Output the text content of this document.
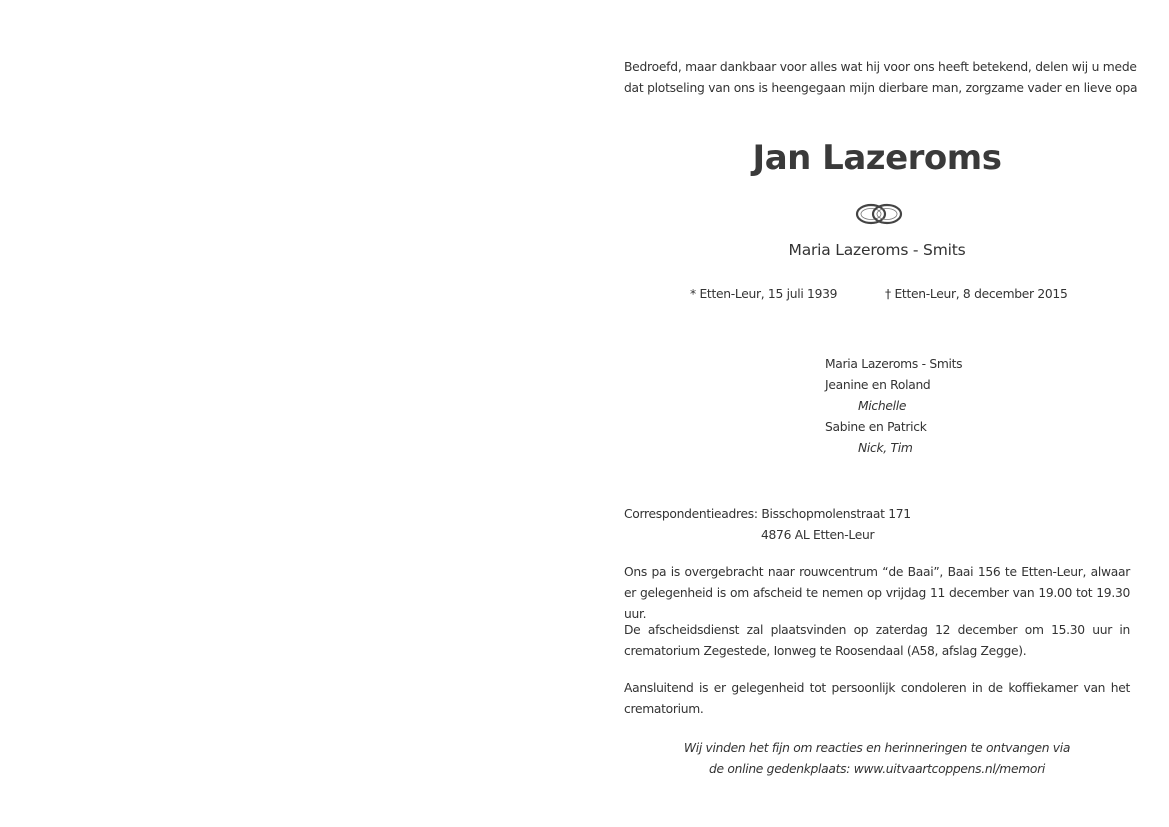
Bedroefd, maar dankbaar voor alles wat hij voor ons heeft betekend, delen wij u mede
dat plotseling van ons is heengegaan mijn dierbare man, zorgzame vader en lieve opa
Jan Lazeroms
Maria Lazeroms - Smits
* Etten-Leur, 15 juli 1939	† Etten-Leur, 8 december 2015
Maria Lazeroms - Smits
Jeanine en Roland
Michelle
Sabine en Patrick
Nick, Tim
Correspondentieadres: Bisschopmolenstraat 171
4876 AL Etten-Leur

Ons pa is overgebracht naar rouwcentrum “de Baai”, Baai 156 te Etten-Leur, alwaar er gelegenheid is om afscheid te nemen op vrijdag 11 december van 19.00 tot 19.30 uur.

De afscheidsdienst zal plaatsvinden op zaterdag 12 december om 15.30 uur in crematorium Zegestede, Ionweg te Roosendaal (A58, afslag Zegge).

Aansluitend is er gelegenheid tot persoonlijk condoleren in de koffiekamer van het crematorium.

Wij vinden het fijn om reacties en herinneringen te ontvangen via
de online gedenkplaats: www.uitvaartcoppens.nl/memori
